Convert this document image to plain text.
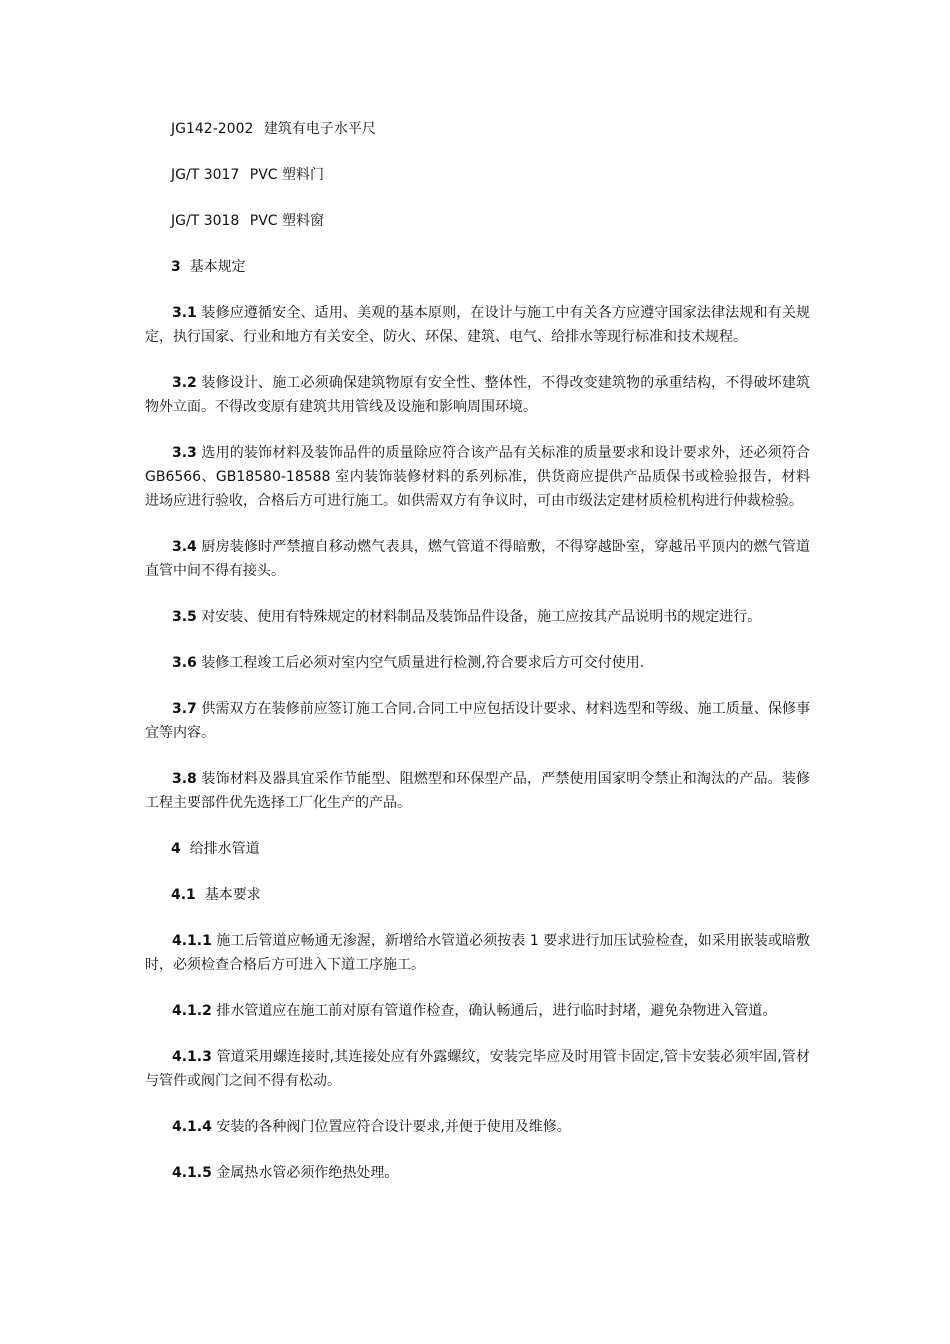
JG142-2002 建筑有电子水平尺

JG/T 3017 PVC 塑料门

JG/T 3018 PVC 塑料窗

3 基本规定

3.1 装修应遵循安全、适用、美观的基本原则，在设计与施工中有关各方应遵守国家法律法规和有关规定，执行国家、行业和地方有关安全、防火、环保、建筑、电气、给排水等现行标准和技术规程。

3.2 装修设计、施工必须确保建筑物原有安全性、整体性，不得改变建筑物的承重结构，不得破坏建筑物外立面。不得改变原有建筑共用管线及设施和影响周围环境。

3.3 选用的装饰材料及装饰品件的质量除应符合该产品有关标准的质量要求和设计要求外，还必须符合 GB6566、GB18580-18588 室内装饰装修材料的系列标准，供货商应提供产品质保书或检验报告，材料进场应进行验收，合格后方可进行施工。如供需双方有争议时，可由市级法定建材质检机构进行仲裁检验。

3.4 厨房装修时严禁擅自移动燃气表具，燃气管道不得暗敷，不得穿越卧室，穿越吊平顶内的燃气管道直管中间不得有接头。

3.5 对安装、使用有特殊规定的材料制品及装饰品件设备，施工应按其产品说明书的规定进行。

3.6 装修工程竣工后必须对室内空气质量进行检测,符合要求后方可交付使用.

3.7 供需双方在装修前应签订施工合同.合同工中应包括设计要求、材料选型和等级、施工质量、保修事宜等内容。

3.8 装饰材料及器具宜采作节能型、阻燃型和环保型产品，严禁使用国家明令禁止和淘汰的产品。装修工程主要部件优先选择工厂化生产的产品。

4 给排水管道

4.1 基本要求

4.1.1 施工后管道应畅通无渗渥，新增给水管道必须按表 1 要求进行加压试验检查，如采用嵌装或暗敷时，必须检查合格后方可进入下道工序施工。

4.1.2 排水管道应在施工前对原有管道作检查，确认畅通后，进行临时封堵，避免杂物进入管道。

4.1.3 管道采用螺连接时,其连接处应有外露螺纹，安装完毕应及时用管卡固定,管卡安装必须牢固,管材与管件或阀门之间不得有松动。

4.1.4 安装的各种阀门位置应符合设计要求,并便于使用及维修。

4.1.5 金属热水管必须作绝热处理。
